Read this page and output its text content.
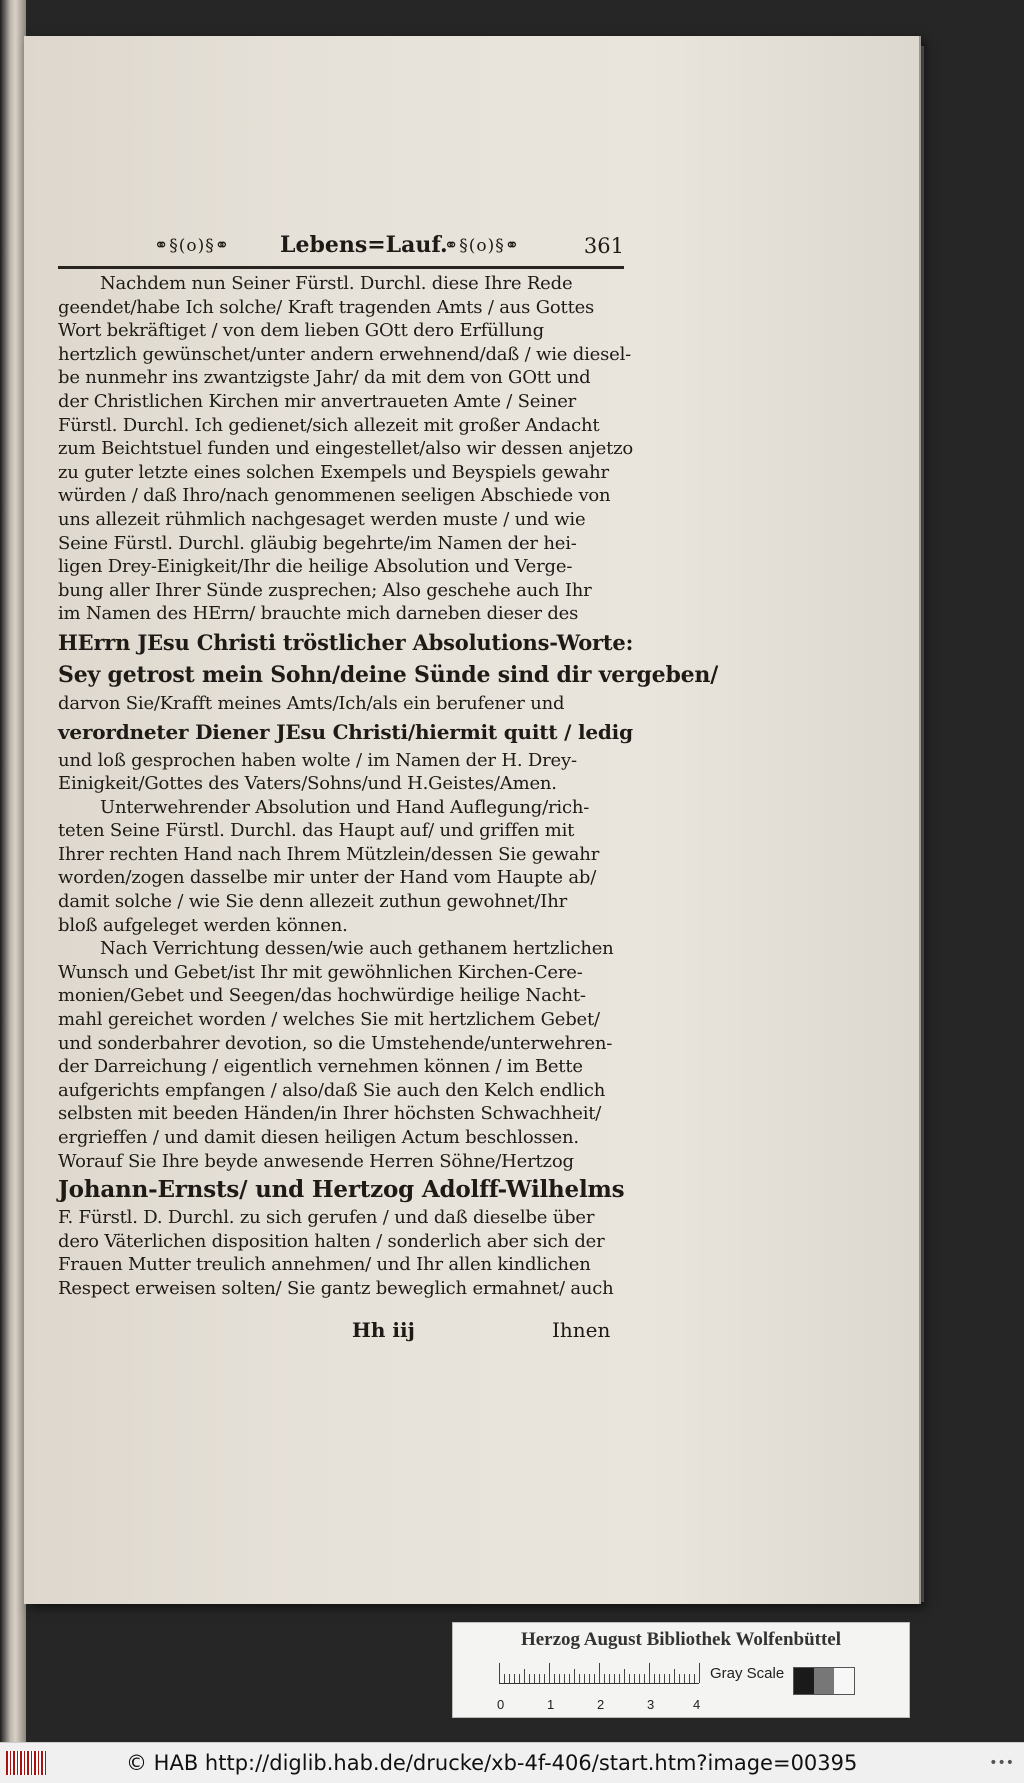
⚭§(o)§⚭ Lebens=Lauf.
⚭§(o)§⚭	361
Nachdem nun Seiner Fürstl. Durchl. diese Ihre Rede
geendet/habe Ich solche/ Kraft tragenden Amts / aus Gottes
Wort bekräftiget / von dem lieben GOtt dero Erfüllung
hertzlich gewünschet/unter andern erwehnend/daß / wie diesel-
be nunmehr ins zwantzigste Jahr/ da mit dem von GOtt und
der Christlichen Kirchen mir anvertraueten Amte / Seiner
Fürstl. Durchl. Ich gedienet/sich allezeit mit großer Andacht
zum Beichtstuel funden und eingestellet/also wir dessen anjetzo
zu guter letzte eines solchen Exempels und Beyspiels gewahr
würden / daß Ihro/nach genommenen seeligen Abschiede von
uns allezeit rühmlich nachgesaget werden muste / und wie
Seine Fürstl. Durchl. gläubig begehrte/im Namen der hei-
ligen Drey-Einigkeit/Ihr die heilige Absolution und Verge-
bung aller Ihrer Sünde zusprechen; Also geschehe auch Ihr
im Namen des HErrn/ brauchte mich darneben dieser des
HErrn JEsu Christi tröstlicher Absolutions-Worte:
Sey getrost mein Sohn/deine Sünde sind dir vergeben/
darvon Sie/Krafft meines Amts/Ich/als ein berufener und
verordneter Diener JEsu Christi/hiermit quitt / ledig
und loß gesprochen haben wolte / im Namen der H. Drey-
Einigkeit/Gottes des Vaters/Sohns/und H.Geistes/Amen.
Unterwehrender Absolution und Hand Auflegung/rich-
teten Seine Fürstl. Durchl. das Haupt auf/ und griffen mit
Ihrer rechten Hand nach Ihrem Mützlein/dessen Sie gewahr
worden/zogen dasselbe mir unter der Hand vom Haupte ab/
damit solche / wie Sie denn allezeit zuthun gewohnet/Ihr
bloß aufgeleget werden können.
Nach Verrichtung dessen/wie auch gethanem hertzlichen
Wunsch und Gebet/ist Ihr mit gewöhnlichen Kirchen-Cere-
monien/Gebet und Seegen/das hochwürdige heilige Nacht-
mahl gereichet worden / welches Sie mit hertzlichem Gebet/
und sonderbahrer devotion, so die Umstehende/unterwehren-
der Darreichung / eigentlich vernehmen können / im Bette
aufgerichts empfangen / also/daß Sie auch den Kelch endlich
selbsten mit beeden Händen/in Ihrer höchsten Schwachheit/
ergrieffen / und damit diesen heiligen Actum beschlossen.
Worauf Sie Ihre beyde anwesende Herren Söhne/Hertzog
Johann-Ernsts/ und Hertzog Adolff-Wilhelms
F. Fürstl. D. Durchl. zu sich gerufen / und daß dieselbe über
dero Väterlichen disposition halten / sonderlich aber sich der
Frauen Mutter treulich annehmen/ und Ihr allen kindlichen
Respect erweisen solten/ Sie gantz beweglich ermahnet/ auch
Hh iij	Ihnen
Herzog August Bibliothek Wolfenbüttel
0	1	2	3	4
Gray Scale
© HAB http://diglib.hab.de/drucke/xb-4f-406/start.htm?image=00395	•••
